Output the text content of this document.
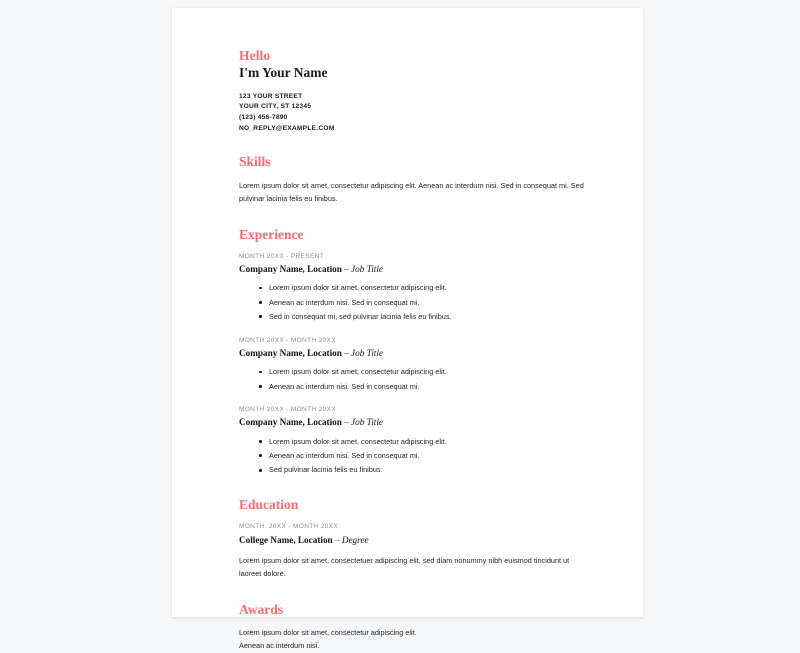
Hello
I'm Your Name
123 YOUR STREET
YOUR CITY, ST 12345
(123) 456-7890
NO_REPLY@EXAMPLE.COM
Skills

Lorem ipsum dolor sit amet, consectetur adipiscing elit. Aenean ac interdum nisi. Sed in consequat mi. Sed pulvinar lacinia felis eu finibus.

Experience
MONTH 20XX - PRESENT
Company Name, Location – Job Title
Lorem ipsum dolor sit amet, consectetur adipiscing elit.
Aenean ac interdum nisi. Sed in consequat mi.
Sed in consequat mi, sed pulvinar lacinia felis eu finibus.
MONTH 20XX - MONTH 20XX
Company Name, Location – Job Title
Lorem ipsum dolor sit amet, consectetur adipiscing elit.
Aenean ac interdum nisi. Sed in consequat mi.
MONTH 20XX - MONTH 20XX
Company Name, Location – Job Title
Lorem ipsum dolor sit amet, consectetur adipiscing elit.
Aenean ac interdum nisi. Sed in consequat mi.
Sed pulvinar lacinia felis eu finibus.
Education
MONTH  20XX - MONTH 20XX
College Name, Location – Degree

Lorem ipsum dolor sit amet, consectetuer adipiscing elit, sed diam nonummy nibh euismod tincidunt ut laoreet dolore.

Awards

Lorem ipsum dolor sit amet, consectetur adipiscing elit.

Aenean ac interdum nisi.
